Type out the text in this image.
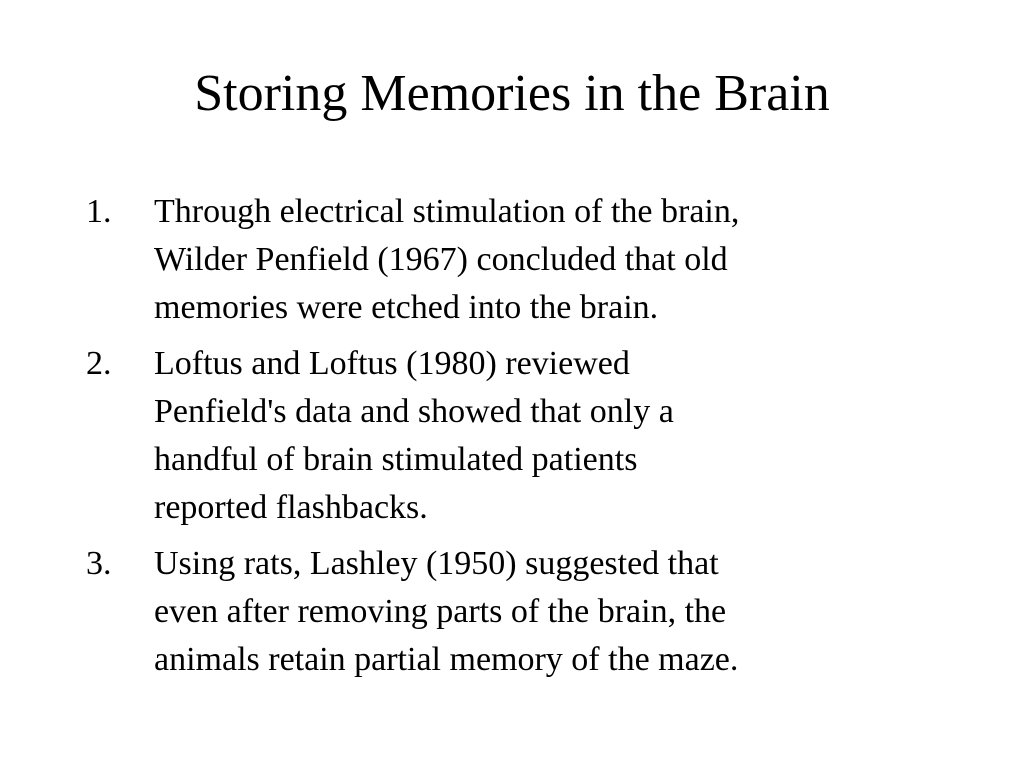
Storing Memories in the Brain
1. Through electrical stimulation of the brain,
Wilder Penfield (1967) concluded that old
memories were etched into the brain.
2. Loftus and Loftus (1980) reviewed
Penfield's data and showed that only a
handful of brain stimulated patients
reported flashbacks.
3. Using rats, Lashley (1950) suggested that
even after removing parts of the brain, the
animals retain partial memory of the maze.
